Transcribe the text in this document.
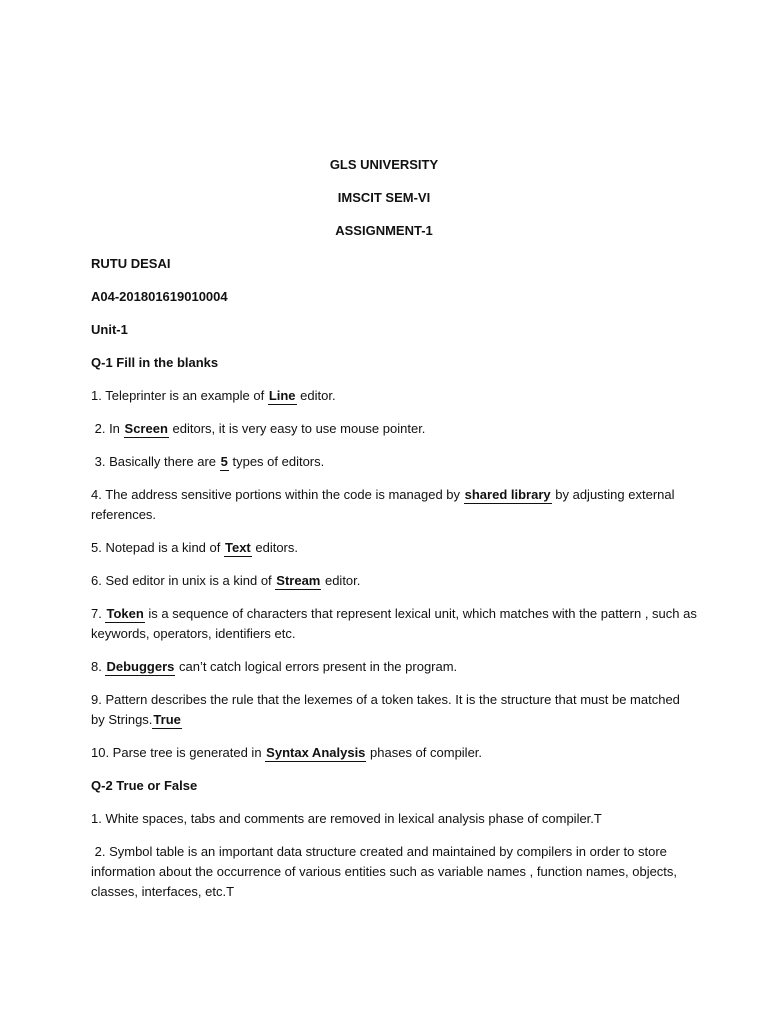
GLS UNIVERSITY
IMSCIT SEM-VI
ASSIGNMENT-1
RUTU DESAI
A04-201801619010004
Unit-1
Q-1 Fill in the blanks
1. Teleprinter is an example of Line editor.
2. In Screen editors, it is very easy to use mouse pointer.
3. Basically there are 5 types of editors.
4. The address sensitive portions within the code is managed by shared library by adjusting external
references.
5. Notepad is a kind of Text editors.
6. Sed editor in unix is a kind of Stream editor.
7. Token is a sequence of characters that represent lexical unit, which matches with the pattern , such as
keywords, operators, identifiers etc.
8. Debuggers can’t catch logical errors present in the program.
9. Pattern describes the rule that the lexemes of a token takes. It is the structure that must be matched
by Strings.True
10. Parse tree is generated in Syntax Analysis phases of compiler.
Q-2 True or False
1. White spaces, tabs and comments are removed in lexical analysis phase of compiler.T
2. Symbol table is an important data structure created and maintained by compilers in order to store
information about the occurrence of various entities such as variable names , function names, objects,
classes, interfaces, etc.T
